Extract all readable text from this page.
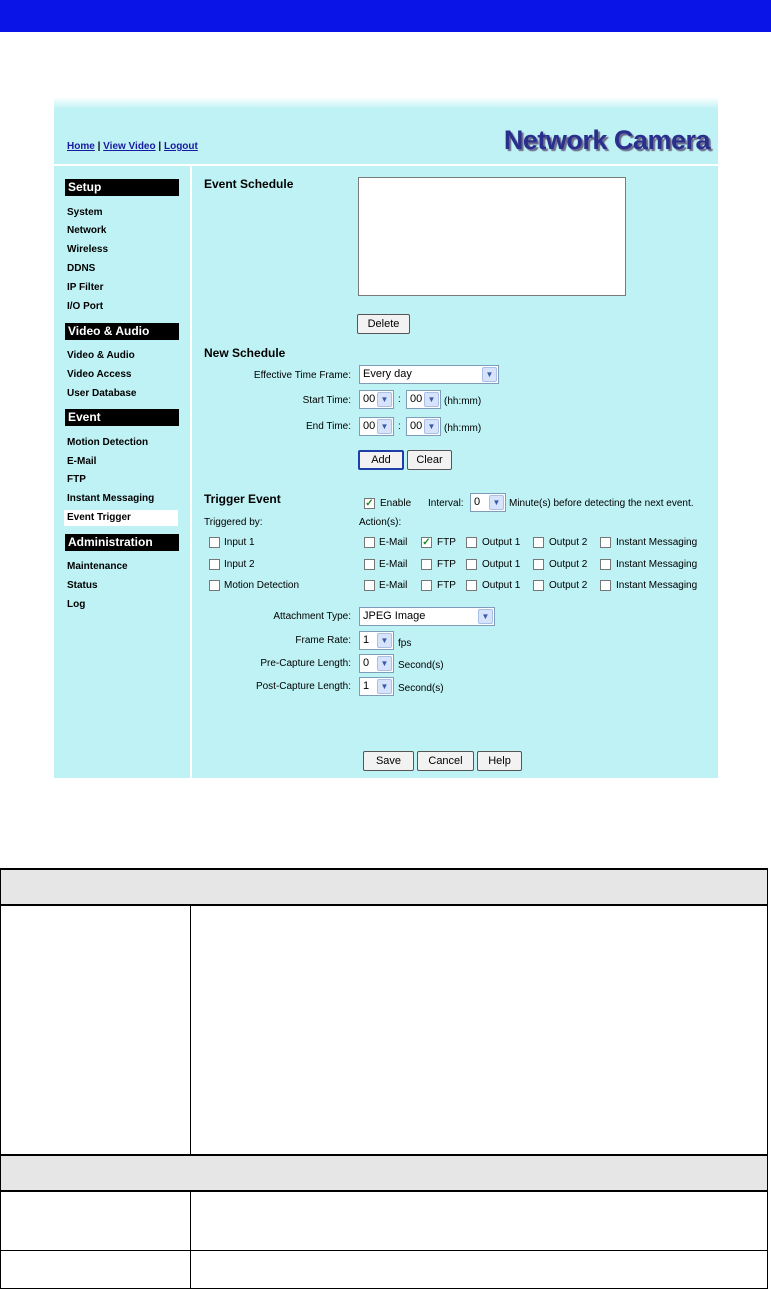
Home | View Video | Logout	Network Camera
Setup
System
Network
Wireless
DDNS
IP Filter
I/O Port
Video & Audio
Video & Audio
Video Access
User Database
Event
Motion Detection
E-Mail
FTP
Instant Messaging
Event Trigger
Administration
Maintenance
Status
Log
Event Schedule
Delete
New Schedule
Effective Time Frame:	Every day	▼
Start Time:	00 ▼ : 00 ▼ (hh:mm)
End Time:	00 ▼ : 00 ▼ (hh:mm)
Add	Clear
Trigger Event	✓ Enable Interval: 0	▼ Minute(s) before detecting the next event.
Triggered by:	Action(s):
Input 1	E-Mail ✓ FTP	Output 1	Output 2	Instant Messaging
Input 2	E-Mail	FTP	Output 1	Output 2	Instant Messaging
Motion Detection	E-Mail	FTP	Output 1	Output 2	Instant Messaging
Attachment Type:	JPEG Image	▼
Frame Rate:	1	▼ fps
Pre-Capture Length:	0	▼ Second(s)
Post-Capture Length:	1	▼ Second(s)
Save	Cancel	Help
